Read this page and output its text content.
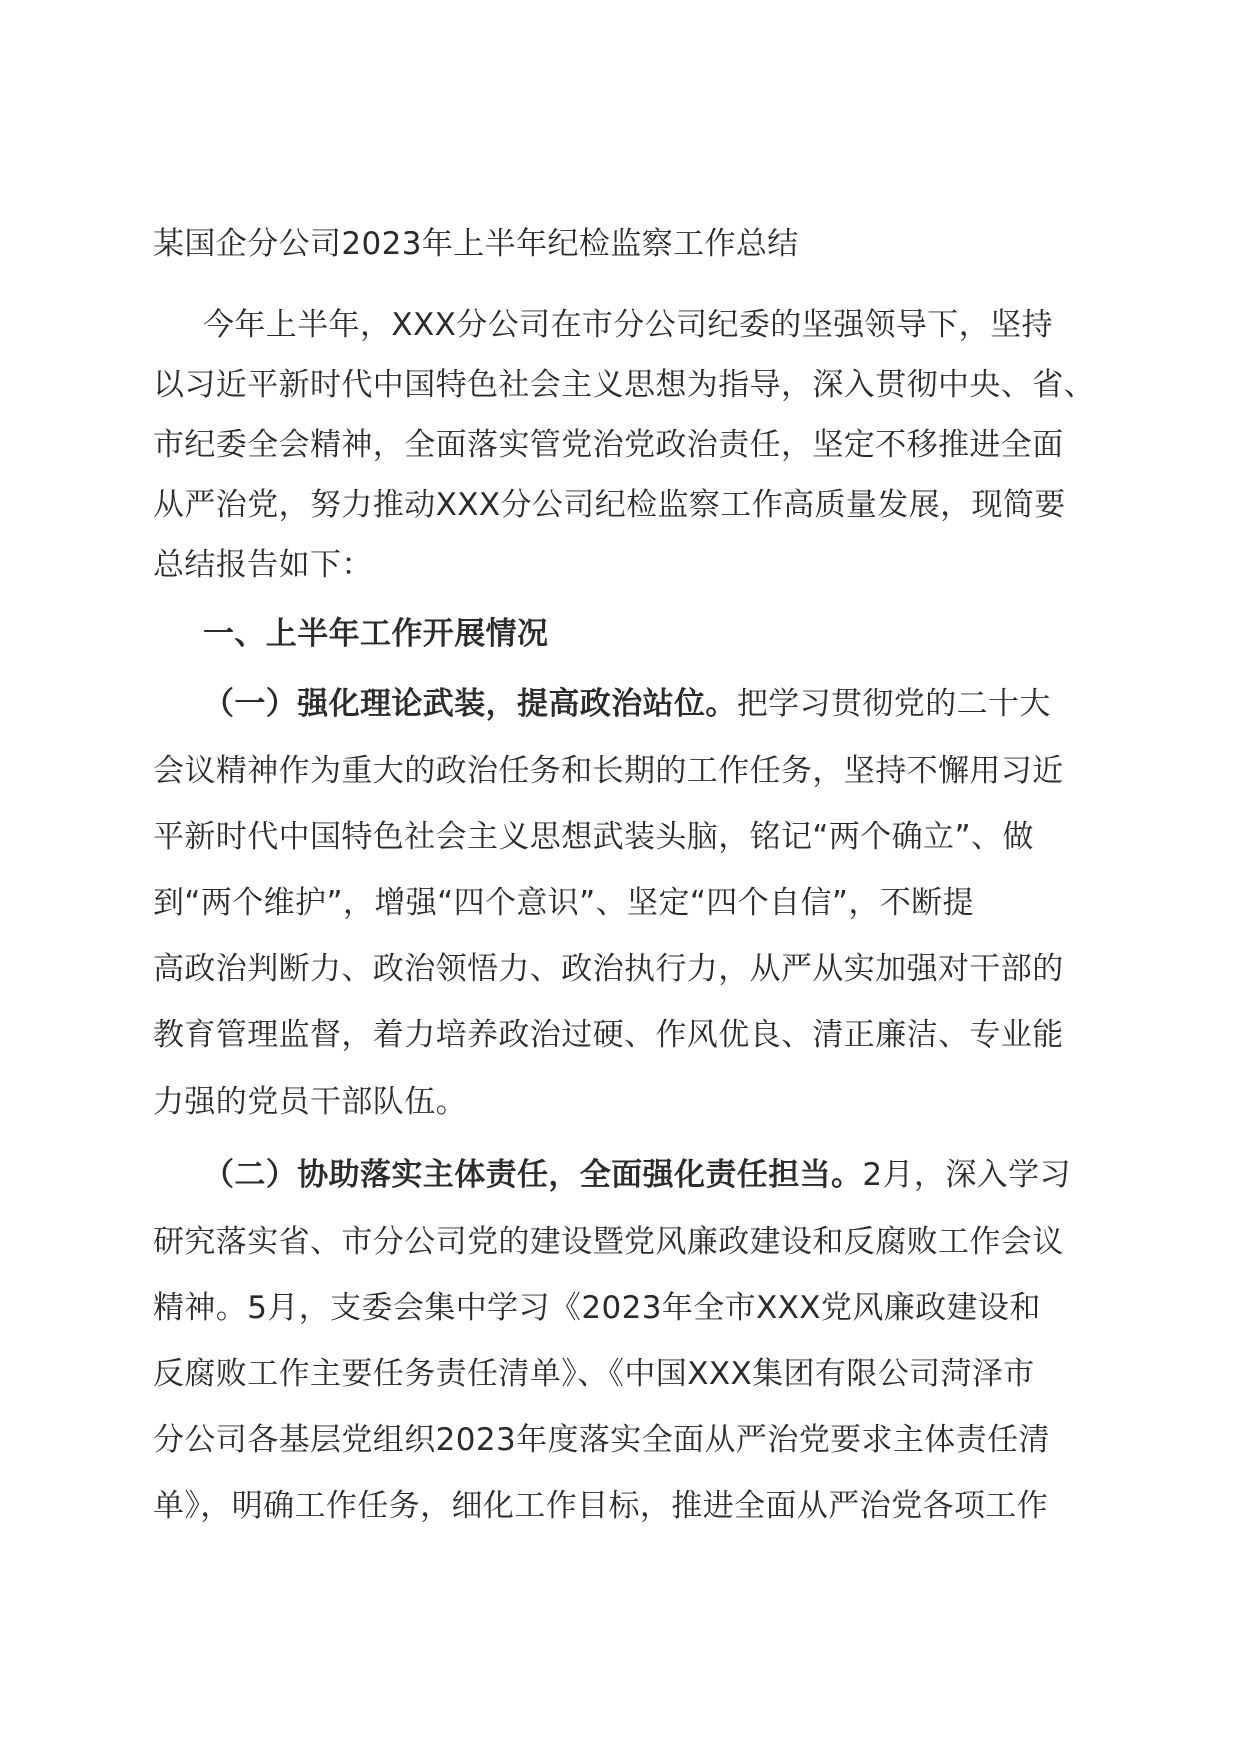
某国企分公司2023年上半年纪检监察工作总结
今年上半年，XXX分公司在市分公司纪委的坚强领导下，坚持
以习近平新时代中国特色社会主义思想为指导，深入贯彻中央、省、
市纪委全会精神，全面落实管党治党政治责任，坚定不移推进全面
从严治党，努力推动XXX分公司纪检监察工作高质量发展，现简要
总结报告如下：
一、上半年工作开展情况
（一）强化理论武装，提高政治站位。把学习贯彻党的二十大
会议精神作为重大的政治任务和长期的工作任务，坚持不懈用习近
平新时代中国特色社会主义思想武装头脑，铭记“两个确立”、做
到“两个维护”，增强“四个意识”、坚定“四个自信”，不断提
高政治判断力、政治领悟力、政治执行力，从严从实加强对干部的
教育管理监督，着力培养政治过硬、作风优良、清正廉洁、专业能
力强的党员干部队伍。
（二）协助落实主体责任，全面强化责任担当。2月，深入学习
研究落实省、市分公司党的建设暨党风廉政建设和反腐败工作会议
精神。5月，支委会集中学习《2023年全市XXX党风廉政建设和
反腐败工作主要任务责任清单》、《中国XXX集团有限公司菏泽市
分公司各基层党组织2023年度落实全面从严治党要求主体责任清
单》，明确工作任务，细化工作目标，推进全面从严治党各项工作
